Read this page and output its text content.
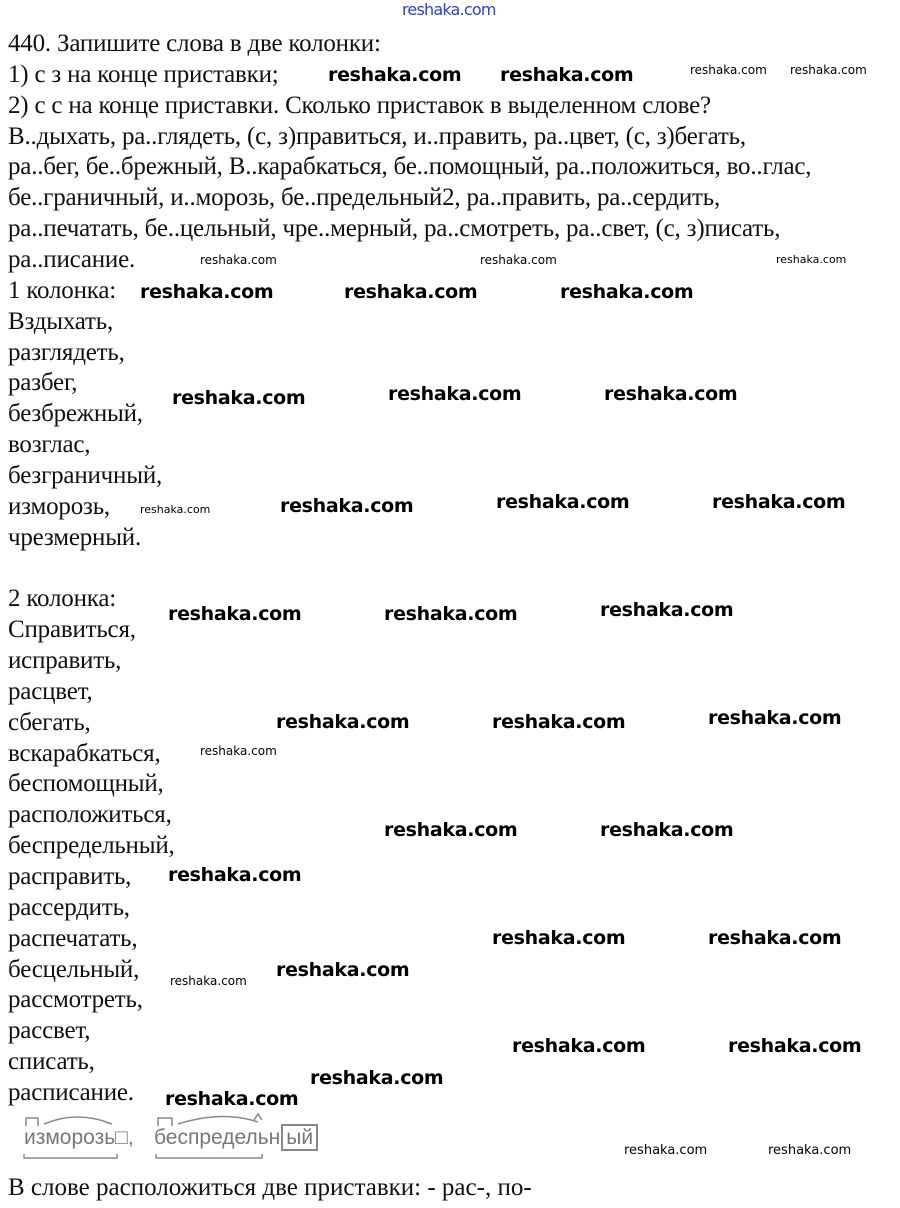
440. Запишите слова в две колонки:
1) с з на конце приставки;
2) с с на конце приставки. Сколько приставок в выделенном слове?
В..дыхать, ра..глядеть, (с, з)правиться, и..править, ра..цвет, (с, з)бегать,
ра..бег, бе..брежный, В..карабкаться, бе..помощный, ра..положиться, во..глас,
бе..граничный, и..морозь, бе..предельный2, ра..править, ра..сердить,
ра..печатать, бе..цельный, чре..мерный, ра..смотреть, ра..свет, (с, з)писать,
ра..писание.
1 колонка:
Вздыхать,
разглядеть,
разбег,
безбрежный,
возглас,
безграничный,
изморозь,
чрезмерный.
2 колонка:
Справиться,
исправить,
расцвет,
сбегать,
вскарабкаться,
беспомощный,
расположиться,
беспредельный,
расправить,
рассердить,
распечатать,
бесцельный,
рассмотреть,
рассвет,
списать,
расписание.
reshaka.com
изморозь□, беспредельн ый
В слове расположиться две приставки: - рас-, по-
reshaka.com
reshaka.com reshaka.com	reshaka.com
reshaka.com	reshaka.com	reshaka.com
reshaka.com	reshaka.com	reshaka.com
reshaka.com	reshaka.com	reshaka.com
reshaka.com	reshaka.com	reshaka.com	reshaka.com
reshaka.com	reshaka.com	reshaka.com
reshaka.com	reshaka.com	reshaka.com
reshaka.com
reshaka.com	reshaka.com
reshaka.com
reshaka.com	reshaka.com
reshaka.com
reshaka.com
reshaka.com	reshaka.com
reshaka.com
reshaka.com
reshaka.com	reshaka.com
